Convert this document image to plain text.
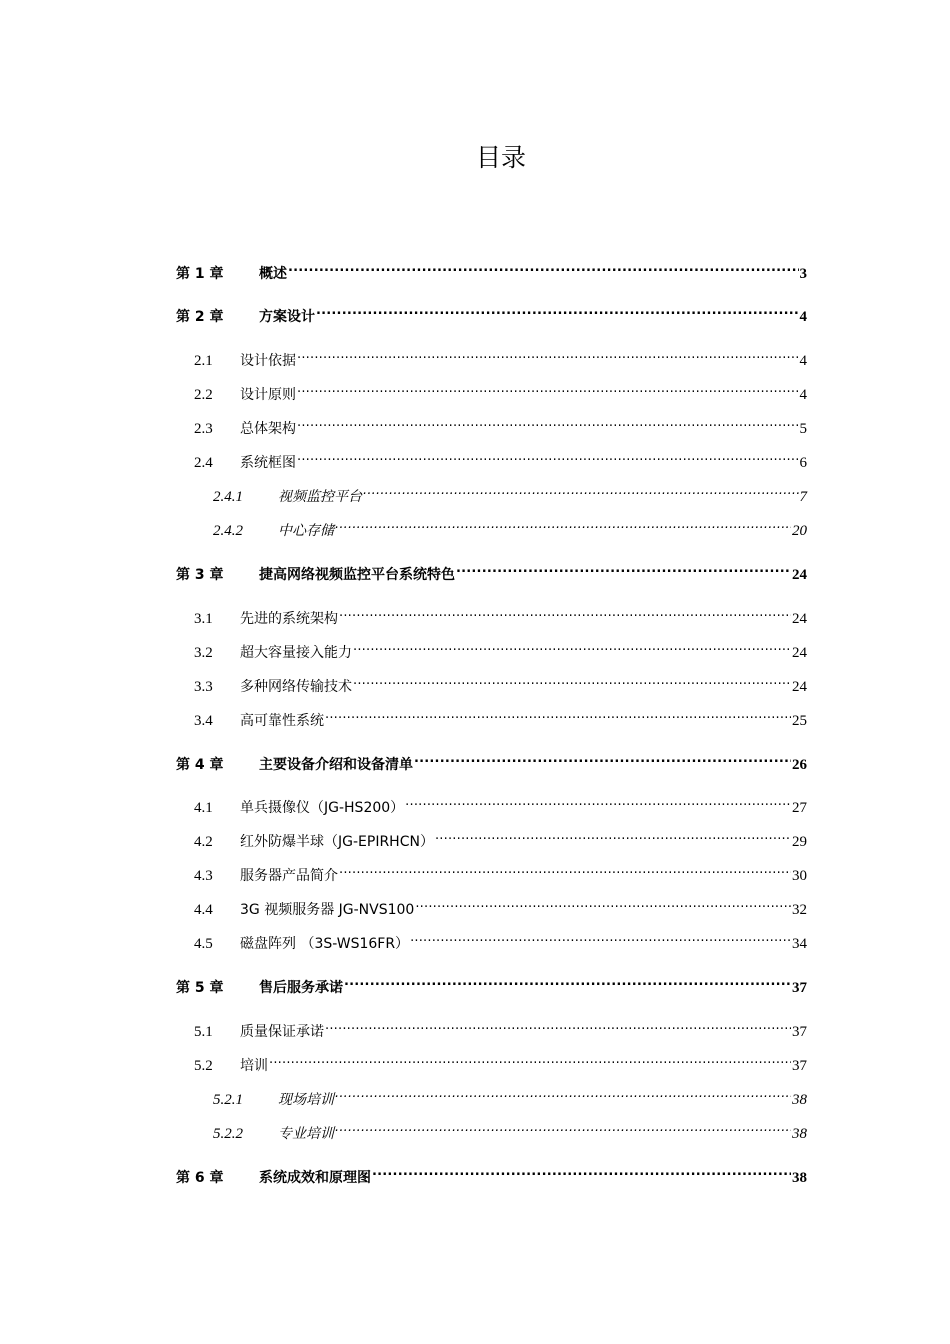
目录
第 1 章	概述 .....	3
第 2 章	方案设计 .....	4
2.1	设计依据 .....	4
2.2	设计原则 .....	4
2.3	总体架构 .....	5
2.4	系统框图 .....	6
2.4.1	视频监控平台 .....	7
2.4.2	中心存储 .....	20
第 3 章	捷高网络视频监控平台系统特色 .....	24
3.1	先进的系统架构 .....	24
3.2	超大容量接入能力 .....	24
3.3	多种网络传输技术 .....	24
3.4	高可靠性系统 .....	25
第 4 章	主要设备介绍和设备清单 .....	26
4.1	单兵摄像仪（JG-HS200） .....	27
4.2	红外防爆半球（JG-EPIRHCN） .....	29
4.3	服务器产品简介 .....	30
4.4	3G 视频服务器 JG-NVS100 .....	32
4.5	磁盘阵列 （3S-WS16FR） .....	34
第 5 章	售后服务承诺 .....	37
5.1	质量保证承诺 .....	37
5.2	培训 .....	37
5.2.1	现场培训 .....	38
5.2.2	专业培训 .....	38
第 6 章	系统成效和原理图 .....	38
